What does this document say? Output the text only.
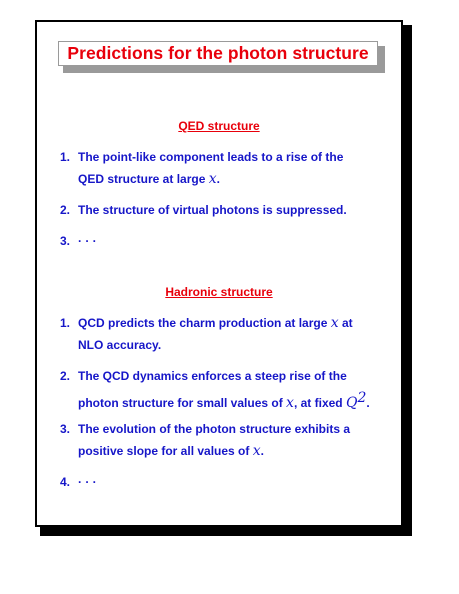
Predictions for the photon structure
QED structure
1. The point-like component leads to a rise of the
QED structure at large x.
2. The structure of virtual photons is suppressed.
3. · · ·
Hadronic structure
1. QCD predicts the charm production at large x at
NLO accuracy.
2. The QCD dynamics enforces a steep rise of the
photon structure for small values of x, at fixed $Q^2$.
3. The evolution of the photon structure exhibits a
positive slope for all values of x.
4. · · ·
